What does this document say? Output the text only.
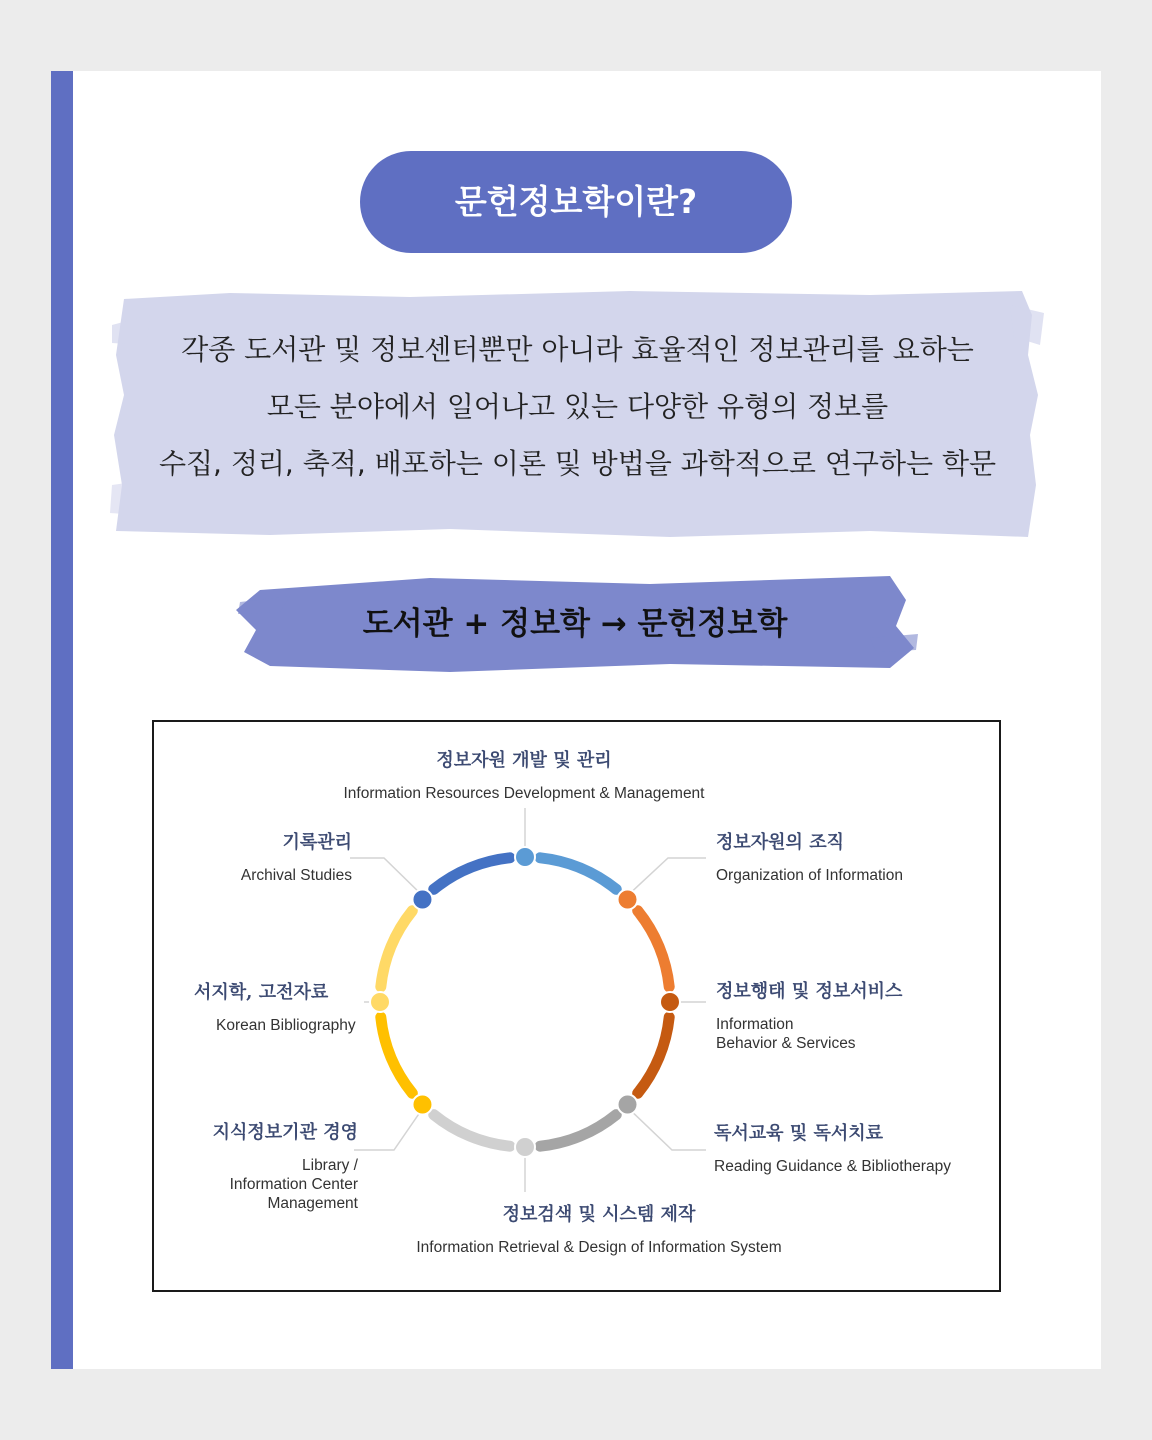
문헌정보학이란?
각종 도서관 및 정보센터뿐만 아니라 효율적인 정보관리를 요하는
모든 분야에서 일어나고 있는 다양한 유형의 정보를
수집, 정리, 축적, 배포하는 이론 및 방법을 과학적으로 연구하는 학문
도서관 + 정보학 → 문헌정보학
정보자원 개발 및 관리
Information Resources Development & Management
정보자원의 조직
Organization of Information
정보행태 및 정보서비스
Information
Behavior & Services
독서교육 및 독서치료
Reading Guidance & Bibliotherapy
정보검색 및 시스템 제작
Information Retrieval & Design of Information System
지식정보기관 경영
Library /
Information Center
Management
서지학, 고전자료
Korean Bibliography
기록관리
Archival Studies
